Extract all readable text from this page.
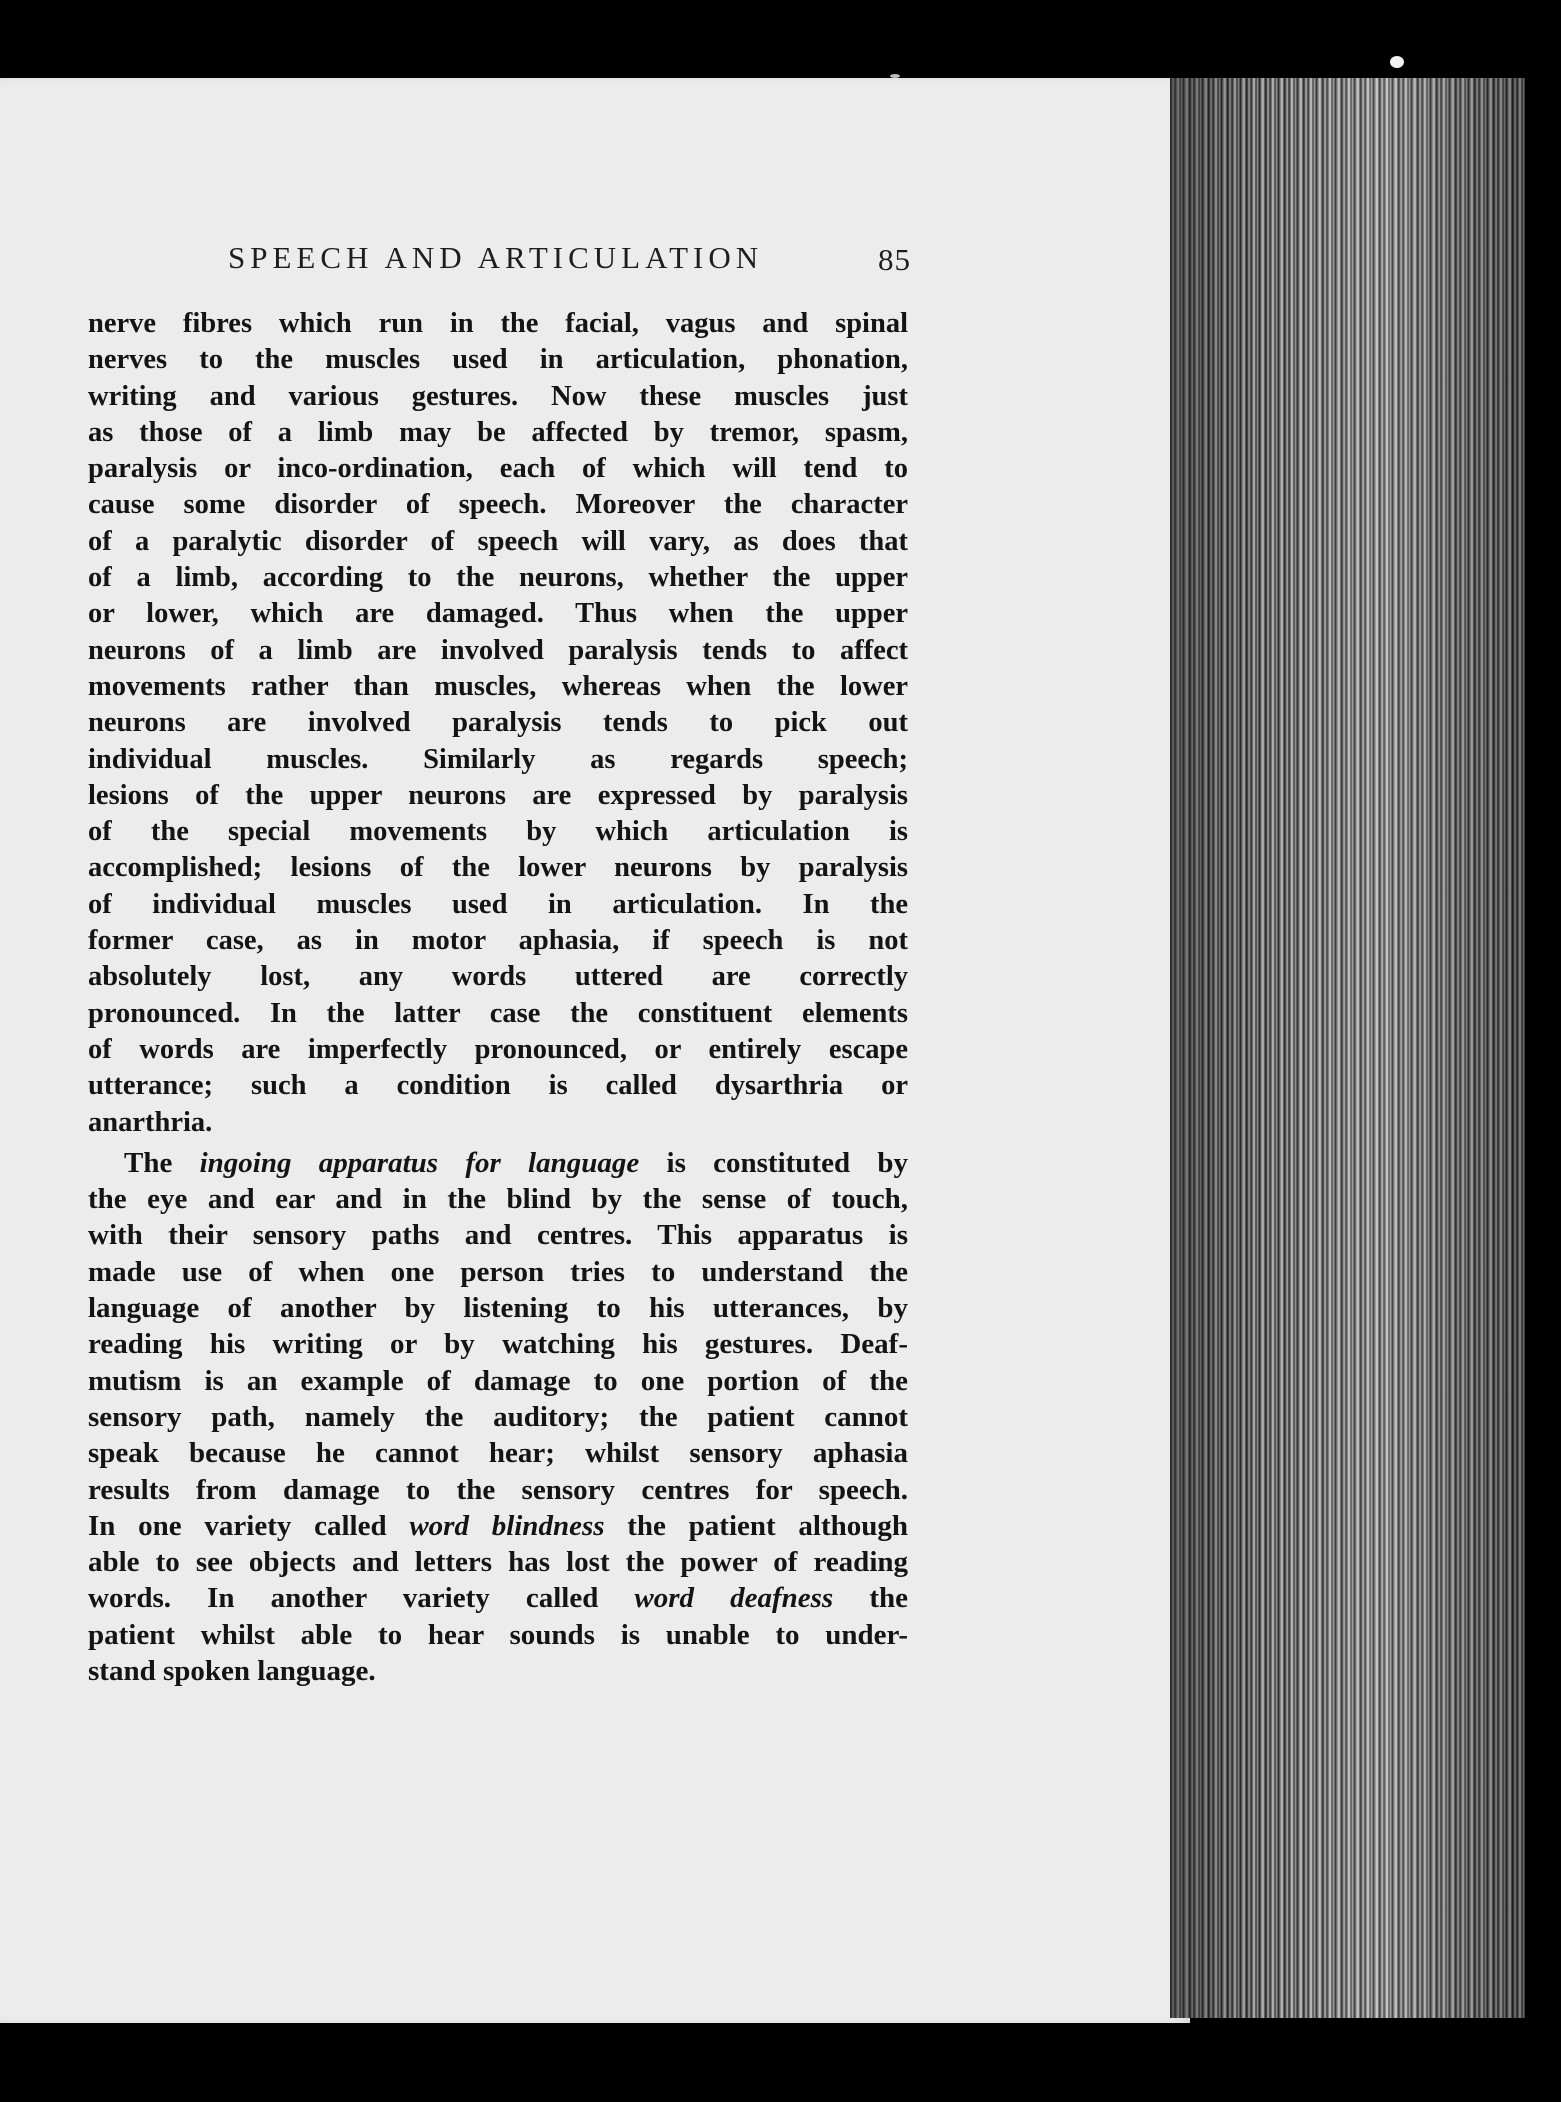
SPEECH AND ARTICULATION	85
nerve fibres which run in the facial, vagus and spinal
nerves to the muscles used in articulation, phonation,
writing and various gestures. Now these muscles just
as those of a limb may be affected by tremor, spasm,
paralysis or inco-ordination, each of which will tend to
cause some disorder of speech. Moreover the character
of a paralytic disorder of speech will vary, as does that
of a limb, according to the neurons, whether the upper
or lower, which are damaged. Thus when the upper
neurons of a limb are involved paralysis tends to affect
movements rather than muscles, whereas when the lower
neurons are involved paralysis tends to pick out
individual muscles. Similarly as regards speech;
lesions of the upper neurons are expressed by paralysis
of the special movements by which articulation is
accomplished; lesions of the lower neurons by paralysis
of individual muscles used in articulation. In the
former case, as in motor aphasia, if speech is not
absolutely lost, any words uttered are correctly
pronounced. In the latter case the constituent elements
of words are imperfectly pronounced, or entirely escape
utterance; such a condition is called dysarthria or
anarthria.
The ingoing apparatus for language is constituted by
the eye and ear and in the blind by the sense of touch,
with their sensory paths and centres. This apparatus is
made use of when one person tries to understand the
language of another by listening to his utterances, by
reading his writing or by watching his gestures. Deaf-
mutism is an example of damage to one portion of the
sensory path, namely the auditory; the patient cannot
speak because he cannot hear; whilst sensory aphasia
results from damage to the sensory centres for speech.
In one variety called word blindness the patient although
able to see objects and letters has lost the power of reading
words. In another variety called word deafness the
patient whilst able to hear sounds is unable to under-
stand spoken language.
